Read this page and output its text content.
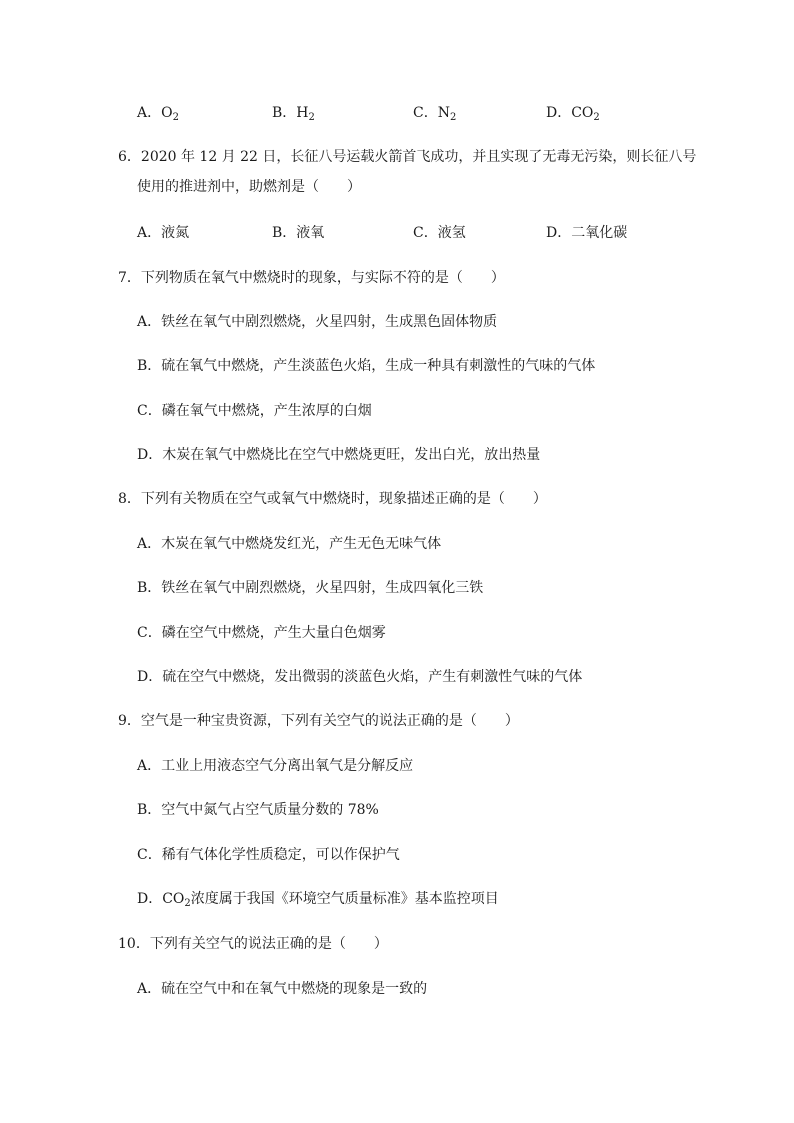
A．$O_2$	B．$H_2$	C．$N_2$	D．$CO_2$
6．2020 年 12 月 22 日，长征八号运载火箭首飞成功，并且实现了无毒无污染，则长征八号
使用的推进剂中，助燃剂是（　　）
A．液氮	B．液氧	C．液氢	D．二氧化碳
7．下列物质在氧气中燃烧时的现象，与实际不符的是（　　）
A．铁丝在氧气中剧烈燃烧，火星四射，生成黑色固体物质
B．硫在氧气中燃烧，产生淡蓝色火焰，生成一种具有刺激性的气味的气体
C．磷在氧气中燃烧，产生浓厚的白烟
D．木炭在氧气中燃烧比在空气中燃烧更旺，发出白光，放出热量
8．下列有关物质在空气或氧气中燃烧时，现象描述正确的是（　　）
A．木炭在氧气中燃烧发红光，产生无色无味气体
B．铁丝在氧气中剧烈燃烧，火星四射，生成四氧化三铁
C．磷在空气中燃烧，产生大量白色烟雾
D．硫在空气中燃烧，发出微弱的淡蓝色火焰，产生有刺激性气味的气体
9．空气是一种宝贵资源，下列有关空气的说法正确的是（　　）
A．工业上用液态空气分离出氧气是分解反应
B．空气中氮气占空气质量分数的 78%
C．稀有气体化学性质稳定，可以作保护气
D．$CO_2$浓度属于我国《环境空气质量标准》基本监控项目
10．下列有关空气的说法正确的是（　　）
A．硫在空气中和在氧气中燃烧的现象是一致的
